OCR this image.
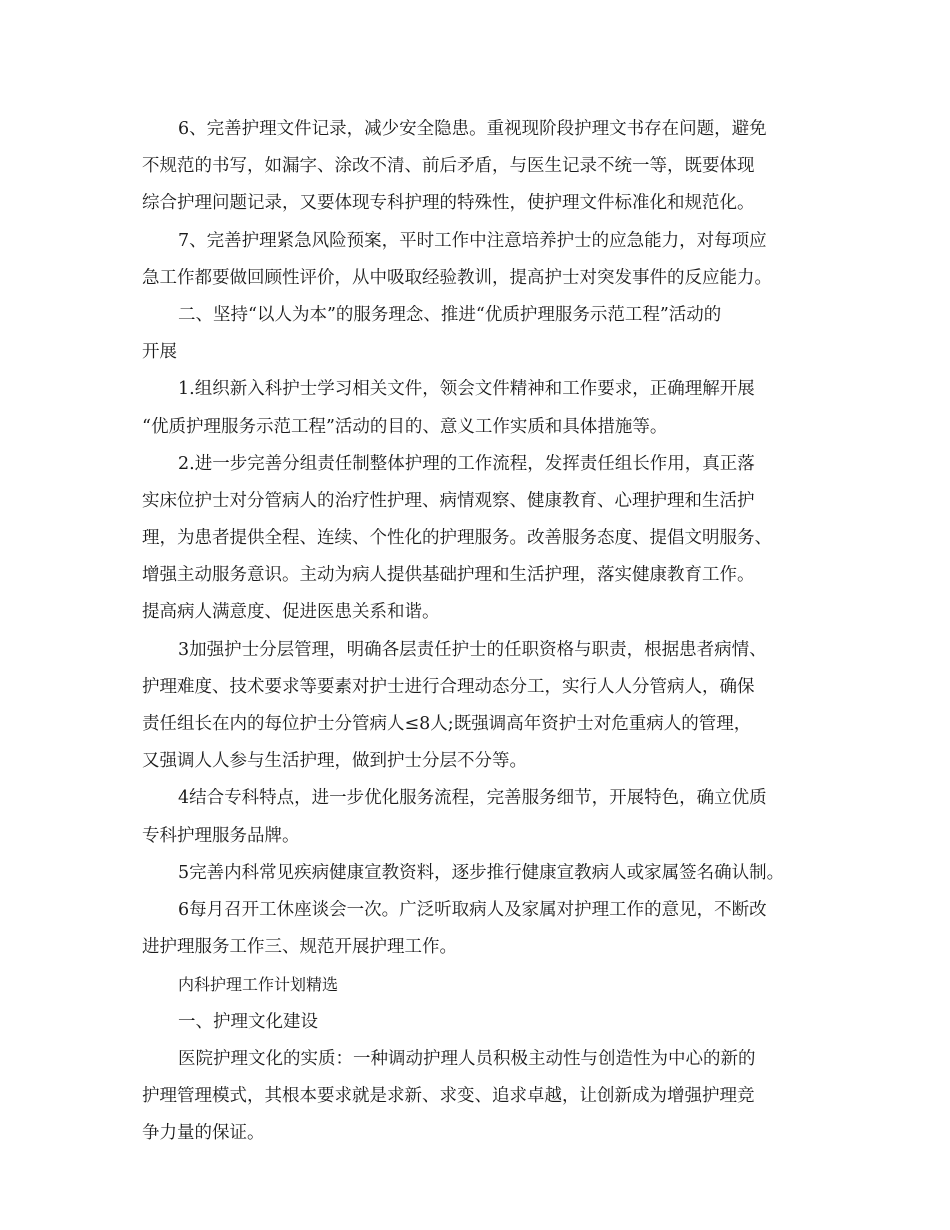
6、完善护理文件记录，减少安全隐患。重视现阶段护理文书存在问题，避免
不规范的书写，如漏字、涂改不清、前后矛盾，与医生记录不统一等，既要体现
综合护理问题记录，又要体现专科护理的特殊性，使护理文件标准化和规范化。
7、完善护理紧急风险预案，平时工作中注意培养护士的应急能力，对每项应
急工作都要做回顾性评价，从中吸取经验教训，提高护士对突发事件的反应能力。
二、坚持“以人为本”的服务理念、推进“优质护理服务示范工程”活动的
开展
1.组织新入科护士学习相关文件，领会文件精神和工作要求，正确理解开展
“优质护理服务示范工程”活动的目的、意义工作实质和具体措施等。
2.进一步完善分组责任制整体护理的工作流程，发挥责任组长作用，真正落
实床位护士对分管病人的治疗性护理、病情观察、健康教育、心理护理和生活护
理，为患者提供全程、连续、个性化的护理服务。改善服务态度、提倡文明服务、
增强主动服务意识。主动为病人提供基础护理和生活护理，落实健康教育工作。
提高病人满意度、促进医患关系和谐。
3加强护士分层管理，明确各层责任护士的任职资格与职责，根据患者病情、
护理难度、技术要求等要素对护士进行合理动态分工，实行人人分管病人，确保
责任组长在内的每位护士分管病人≤8人;既强调高年资护士对危重病人的管理，
又强调人人参与生活护理，做到护士分层不分等。
4结合专科特点，进一步优化服务流程，完善服务细节，开展特色，确立优质
专科护理服务品牌。
5完善内科常见疾病健康宣教资料，逐步推行健康宣教病人或家属签名确认制。
6每月召开工休座谈会一次。广泛听取病人及家属对护理工作的意见，不断改
进护理服务工作三、规范开展护理工作。
内科护理工作计划精选
一、护理文化建设
医院护理文化的实质：一种调动护理人员积极主动性与创造性为中心的新的
护理管理模式，其根本要求就是求新、求变、追求卓越，让创新成为增强护理竞
争力量的保证。
